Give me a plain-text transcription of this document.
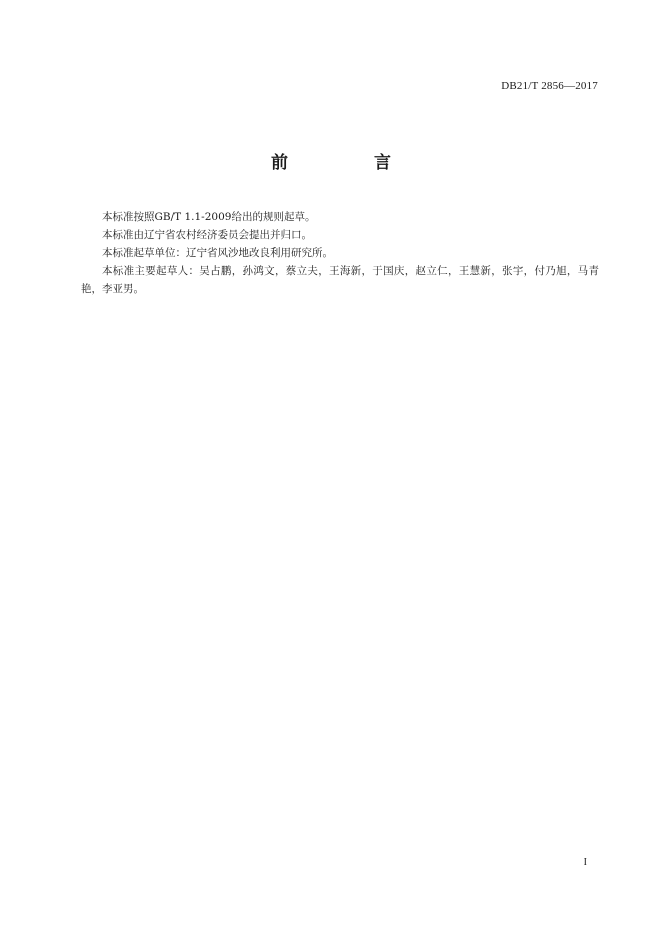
DB21/T 2856—2017
前 言

本标准按照GB/T 1.1-2009给出的规则起草。

本标准由辽宁省农村经济委员会提出并归口。

本标准起草单位：辽宁省风沙地改良利用研究所。

本标准主要起草人：吴占鹏，孙鸿文，蔡立夫，王海新，于国庆，赵立仁，王慧新，张宇，付乃旭，马青艳，李亚男。

I
